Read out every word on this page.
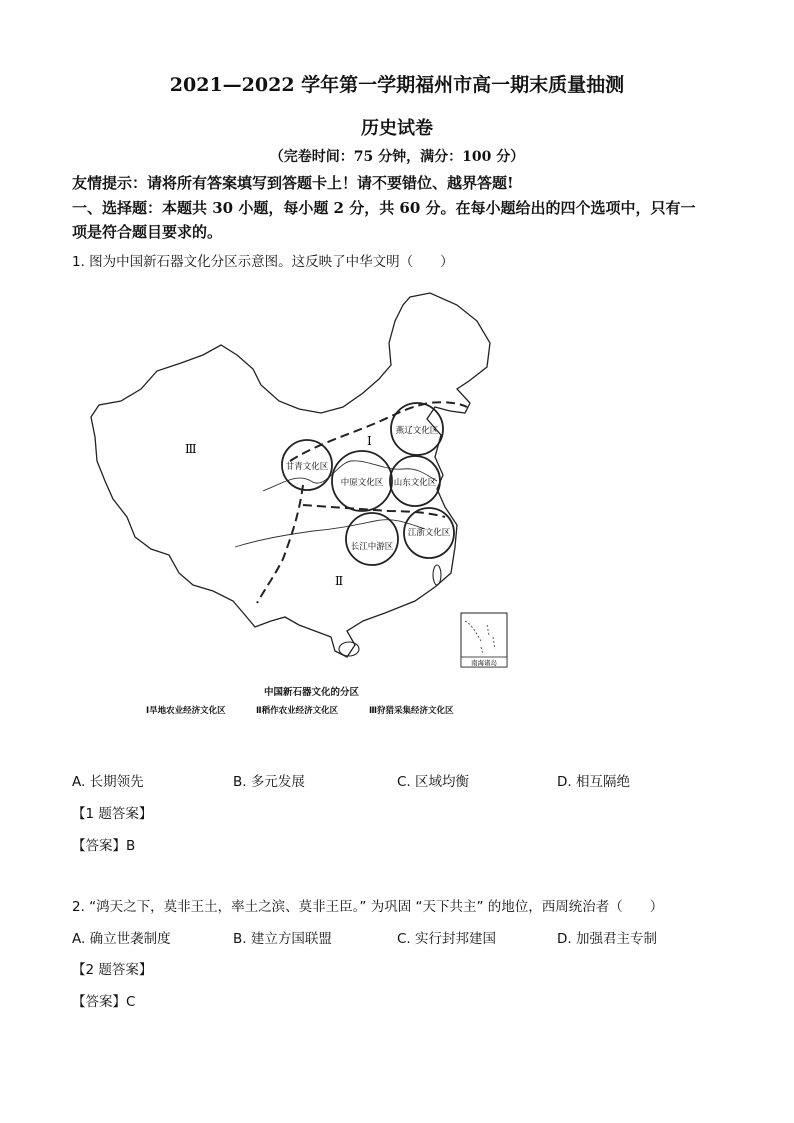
2021—2022 学年第一学期福州市高一期末质量抽测
历史试卷
（完卷时间：75 分钟，满分：100 分）
友情提示：请将所有答案填写到答题卡上！请不要错位、越界答题!
一、选择题：本题共 30 小题，每小题 2 分，共 60 分。在每小题给出的四个选项中，只有一
项是符合题目要求的。
1. 图为中国新石器文化分区示意图。这反映了中华文明（　　）
燕辽文化区
甘青文化区
中原文化区 山东文化区
长江中游区
江浙文化区
Ⅰ
Ⅱ
Ⅲ
南海诸岛
中国新石器文化的分区
Ⅰ旱地农业经济文化区	Ⅱ稻作农业经济文化区	Ⅲ狩猎采集经济文化区
A. 长期领先	B. 多元发展	C. 区域均衡	D. 相互隔绝
【1 题答案】
【答案】B
2. “鸿天之下，莫非王土，率土之滨、莫非王臣。” 为巩固 “天下共主” 的地位，西周统治者（　　）
A. 确立世袭制度	B. 建立方国联盟	C. 实行封邦建国	D. 加强君主专制
【2 题答案】
【答案】C
